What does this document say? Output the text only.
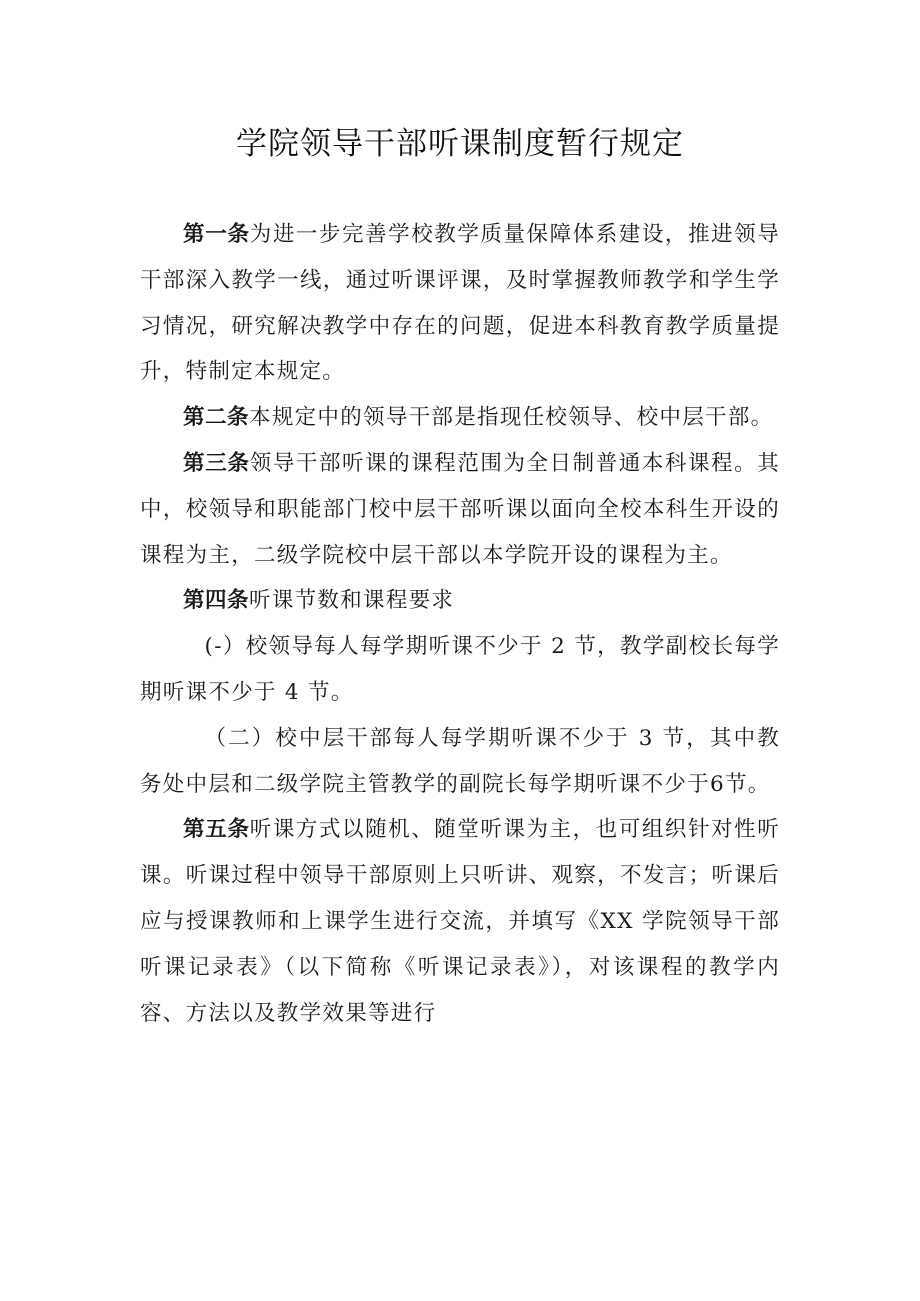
学院领导干部听课制度暂行规定

第一条为进一步完善学校教学质量保障体系建设，推进领导干部深入教学一线，通过听课评课，及时掌握教师教学和学生学习情况，研究解决教学中存在的问题，促进本科教育教学质量提升，特制定本规定。

第二条本规定中的领导干部是指现任校领导、校中层干部。

第三条领导干部听课的课程范围为全日制普通本科课程。其中，校领导和职能部门校中层干部听课以面向全校本科生开设的课程为主，二级学院校中层干部以本学院开设的课程为主。

第四条听课节数和课程要求

(-）校领导每人每学期听课不少于 2 节，教学副校长每学期听课不少于 4 节。

（二）校中层干部每人每学期听课不少于 3 节，其中教务处中层和二级学院主管教学的副院长每学期听课不少于6节。

第五条听课方式以随机、随堂听课为主，也可组织针对性听课。听课过程中领导干部原则上只听讲、观察，不发言；听课后应与授课教师和上课学生进行交流，并填写《XX 学院领导干部听课记录表》（以下简称《听课记录表》），对该课程的教学内容、方法以及教学效果等进行
